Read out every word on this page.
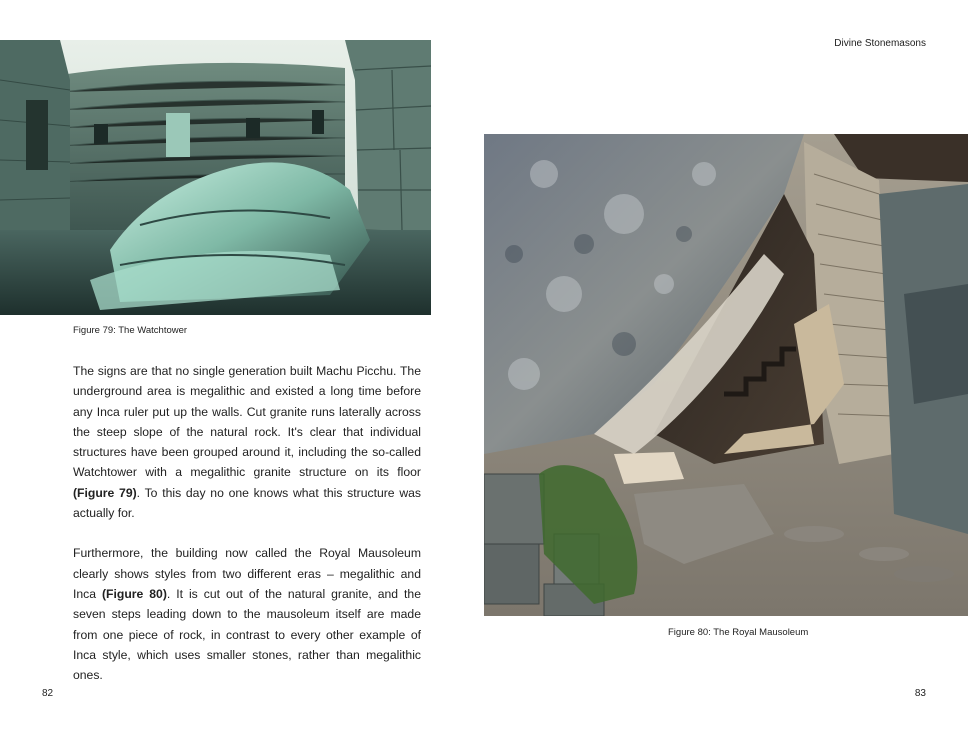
Figure 79: The Watchtower

The signs are that no single generation built Machu Picchu. The underground area is megalithic and existed a long time before any Inca ruler put up the walls. Cut granite runs laterally across the steep slope of the natural rock. It's clear that individual structures have been grouped around it, including the so-called Watchtower with a megalithic granite structure on its floor (Figure 79). To this day no one knows what this structure was actually for.

Furthermore, the building now called the Royal Mausoleum clearly shows styles from two different eras – megalithic and Inca (Figure 80). It is cut out of the natural granite, and the seven steps leading down to the mausoleum itself are made from one piece of rock, in contrast to every other example of Inca style, which uses smaller stones, rather than megalithic ones.

82
Divine Stonemasons
Figure 80: The Royal Mausoleum
83
